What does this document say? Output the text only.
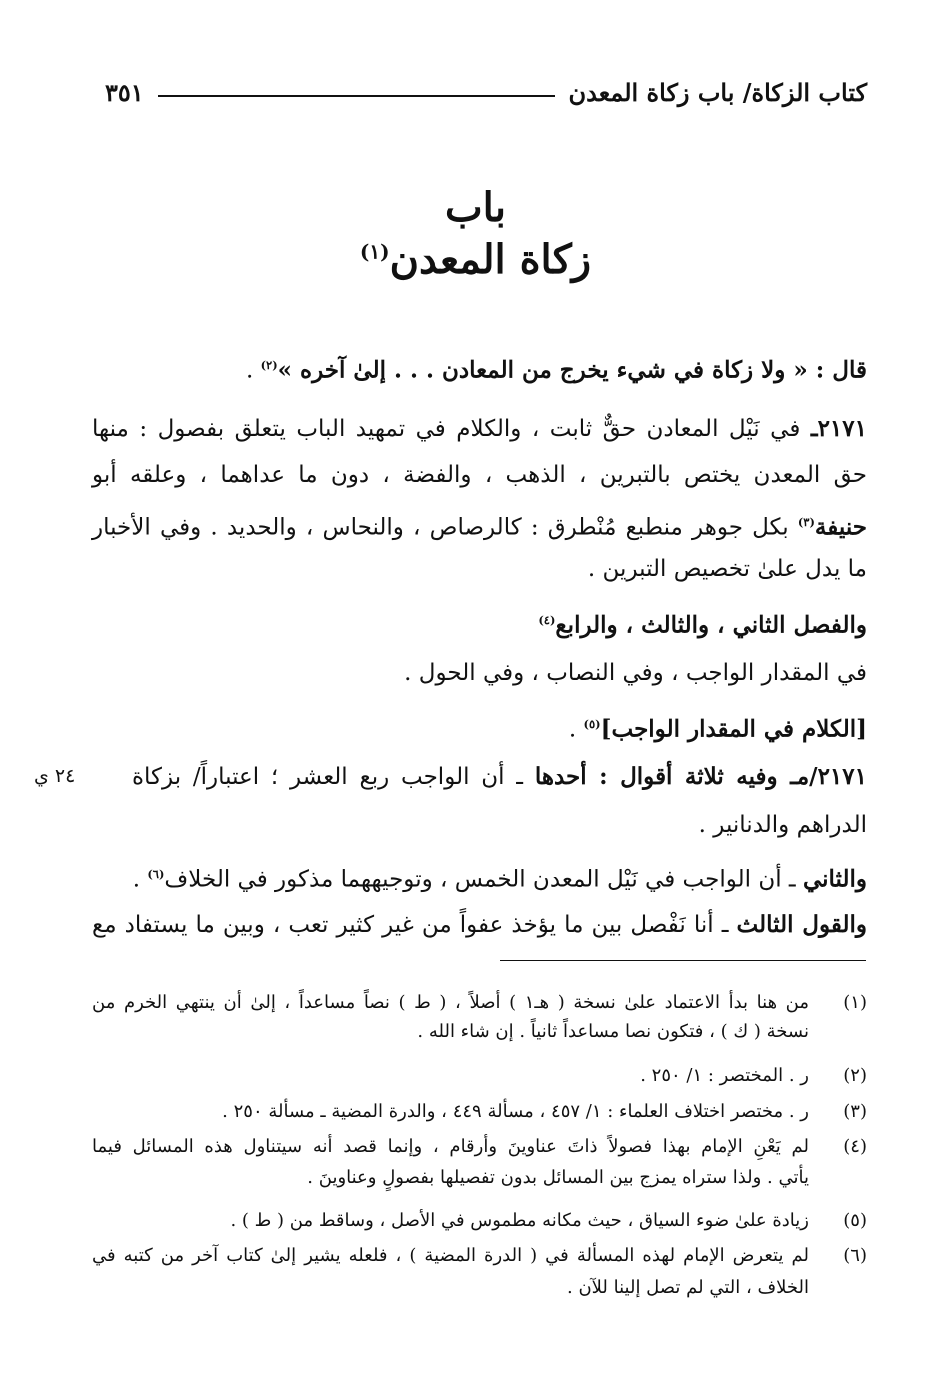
كتاب الزكاة/ باب زكاة المعدن
٣٥١
باب
زكاة المعدن$^{(١)}$
قال : « ولا زكاة في شيء يخرج من المعادن . . . إلىٰ آخره »$^{(٢)}$ .
٢١٧١ـ في نَيْل المعادن حقٌّ ثابت ، والكلام في تمهيد الباب يتعلق بفصول : منها
حق المعدن يختص بالتبرين ، الذهب ، والفضة ، دون ما عداهما ، وعلقه أبو
حنيفة$^{(٣)}$ بكل جوهر منطبع مُنْطرق : كالرصاص ، والنحاس ، والحديد . وفي الأخبار
ما يدل علىٰ تخصيص التبرين .
والفصل الثاني ، والثالث ، والرابع$^{(٤)}$
في المقدار الواجب ، وفي النصاب ، وفي الحول .
[الكلام في المقدار الواجب]$^{(٥)}$ .
٢١٧١/مـ وفيه ثلاثة أقوال : أحدها ـ أن الواجب ربع العشر ؛ اعتباراً/ بزكاة
٢٤ ي
الدراهم والدنانير .
والثاني ـ أن الواجب في نَيْل المعدن الخمس ، وتوجيههما مذكور في الخلاف$^{(٦)}$ .
والقول الثالث ـ أنا نَفْصل بين ما يؤخذ عفواً من غير كثير تعب ، وبين ما يستفاد مع
(١)
من هنا بدأ الاعتماد علىٰ نسخة ( هـ١ ) أصلاً ، ( ط ) نصاً مساعداً ، إلىٰ أن ينتهي الخرم من
نسخة ( ك ) ، فتكون نصا مساعداً ثانياً . إن شاء الله .
(٢)
ر . المختصر : ١/ ٢٥٠ .
(٣)
ر . مختصر اختلاف العلماء : ١/ ٤٥٧ ، مسألة ٤٤٩ ، والدرة المضية ـ مسألة ٢٥٠ .
(٤)
لم يَعْنِ الإمام بهذا فصولاً ذاتَ عناوينَ وأرقام ، وإنما قصد أنه سيتناول هذه المسائل فيما
يأتي . ولذا ستراه يمزج بين المسائل بدون تفصيلها بفصولٍ وعناوينَ .
(٥)
زيادة علىٰ ضوء السياق ، حيث مكانه مطموس في الأصل ، وساقط من ( ط ) .
(٦)
لم يتعرض الإمام لهذه المسألة في ( الدرة المضية ) ، فلعله يشير إلىٰ كتاب آخر من كتبه في
الخلاف ، التي لم تصل إلينا للآن .
